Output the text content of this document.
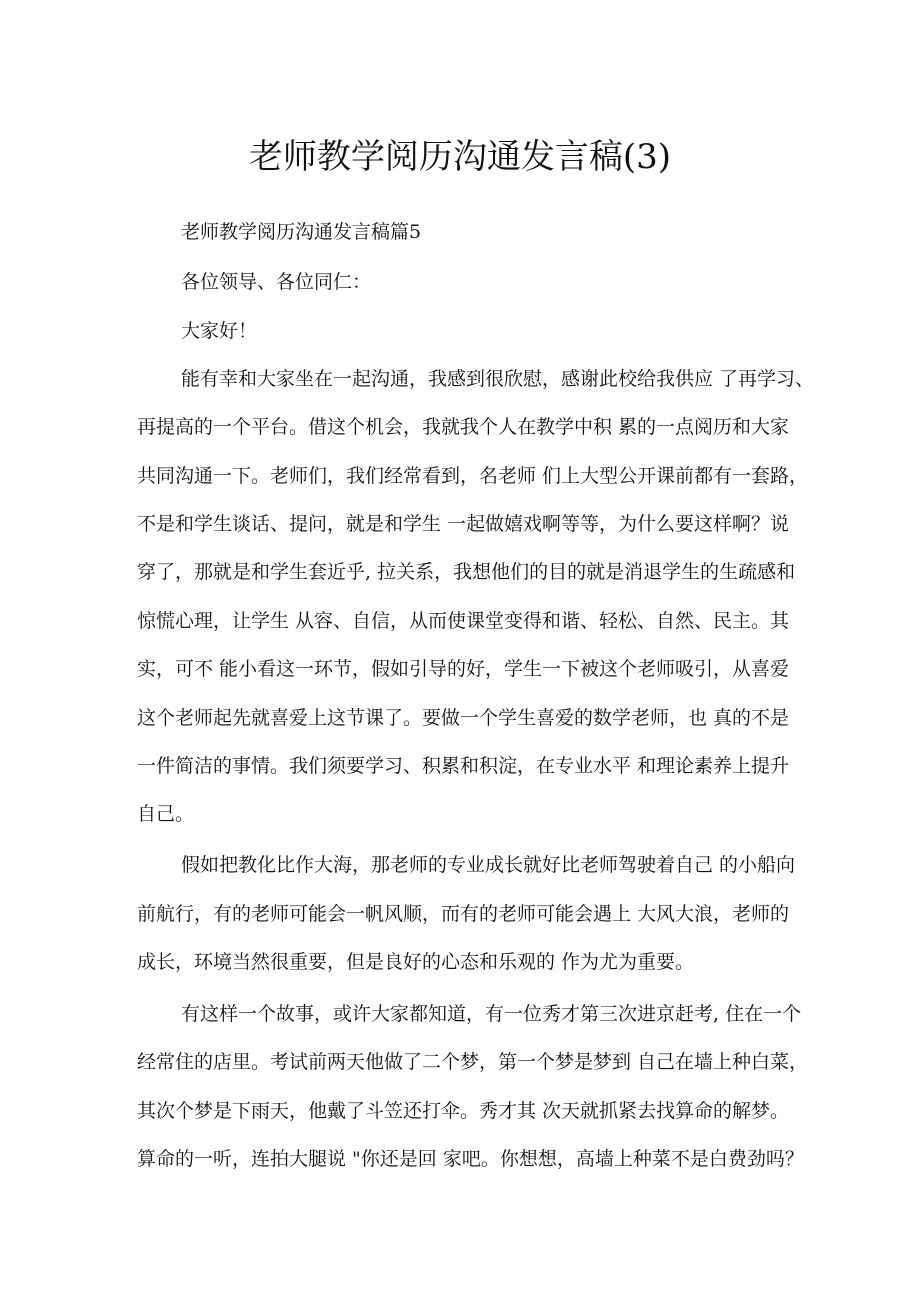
老师教学阅历沟通发言稿(3)
老师教学阅历沟通发言稿篇5
各位领导、各位同仁：
大家好！
能有幸和大家坐在一起沟通，我感到很欣慰，感谢此校给我供应 了再学习、
再提高的一个平台。借这个机会，我就我个人在教学中积 累的一点阅历和大家
共同沟通一下。老师们，我们经常看到，名老师 们上大型公开课前都有一套路，
不是和学生谈话、提问，就是和学生 一起做嬉戏啊等等，为什么要这样啊？说
穿了，那就是和学生套近乎, 拉关系，我想他们的目的就是消退学生的生疏感和
惊慌心理，让学生 从容、自信，从而使课堂变得和谐、轻松、自然、民主。其
实，可不 能小看这一环节，假如引导的好，学生一下被这个老师吸引，从喜爱
这个老师起先就喜爱上这节课了。要做一个学生喜爱的数学老师，也 真的不是
一件简洁的事情。我们须要学习、积累和积淀，在专业水平 和理论素养上提升
自己。
假如把教化比作大海，那老师的专业成长就好比老师驾驶着自己 的小船向
前航行，有的老师可能会一帆风顺，而有的老师可能会遇上 大风大浪，老师的
成长，环境当然很重要，但是良好的心态和乐观的 作为尤为重要。
有这样一个故事，或许大家都知道，有一位秀才第三次进京赶考, 住在一个
经常住的店里。考试前两天他做了二个梦，第一个梦是梦到 自己在墙上种白菜，
其次个梦是下雨天，他戴了斗笠还打伞。秀才其 次天就抓紧去找算命的解梦。
算命的一听，连拍大腿说 "你还是回 家吧。你想想，高墙上种菜不是白费劲吗？
